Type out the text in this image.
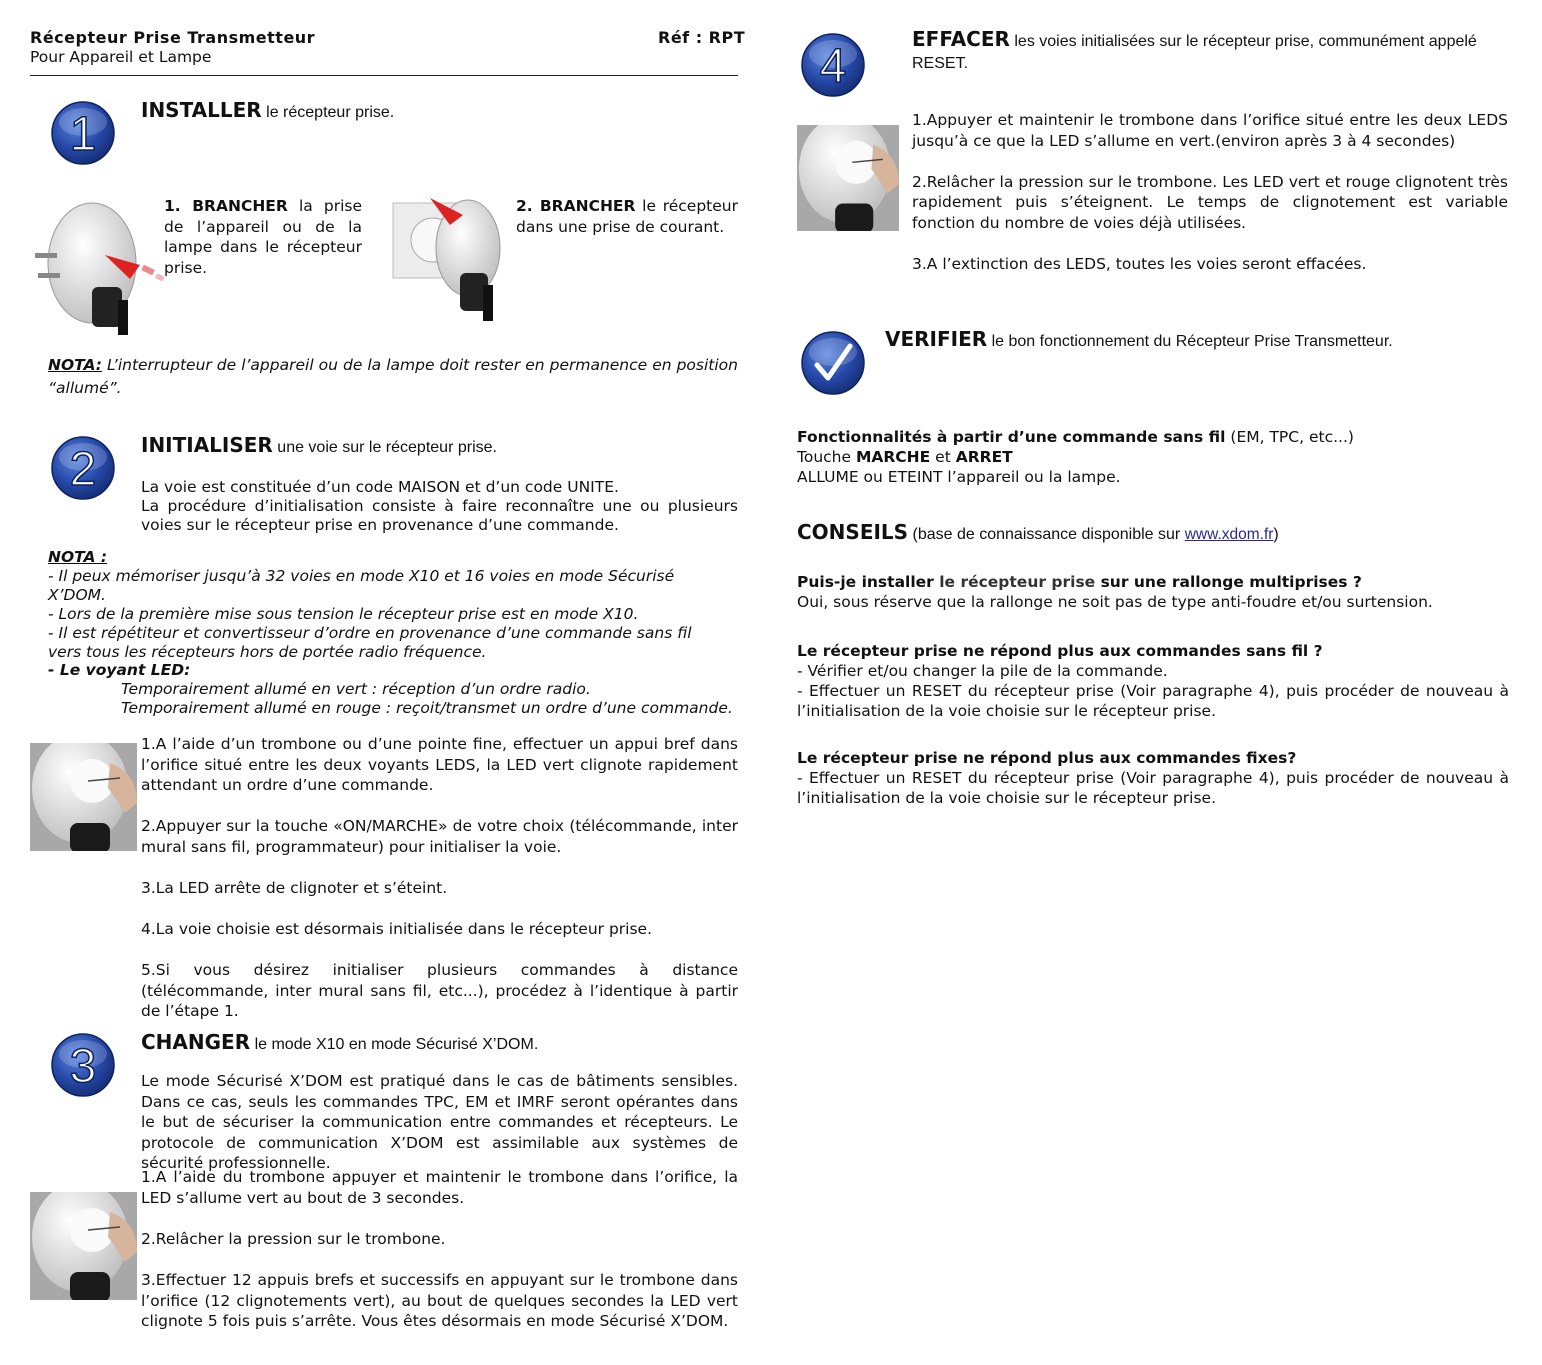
Récepteur Prise Transmetteur
Pour Appareil et Lampe
Réf : RPT
1 INSTALLER le récepteur prise.
1. BRANCHER la prise de l’appareil ou de la lampe dans le récepteur prise.
2. BRANCHER le récepteur dans une prise de courant.
NOTA: L’interrupteur de l’appareil ou de la lampe doit rester en permanence en position “allumé”.
2 INITIALISER une voie sur le récepteur prise.
La voie est constituée d’un code MAISON et d’un code UNITE.
La procédure d’initialisation consiste à faire reconnaître une ou plusieurs voies sur le récepteur prise en provenance d’une commande.
NOTA :
- Il peux mémoriser jusqu’à 32 voies en mode X10 et 16 voies en mode Sécurisé X’DOM.
- Lors de la première mise sous tension le récepteur prise est en mode X10.
- Il est répétiteur et convertisseur d’ordre en provenance d’une commande sans fil vers tous les récepteurs hors de portée radio fréquence.
- Le voyant LED:
Temporairement allumé en vert : réception d’un ordre radio.
Temporairement allumé en rouge : reçoit/transmet un ordre d’une commande.
1.A l’aide d’un trombone ou d’une pointe fine, effectuer un appui bref dans l’orifice situé entre les deux voyants LEDS, la LED vert clignote rapidement attendant un ordre d’une commande.
2.Appuyer sur la touche «ON/MARCHE» de votre choix (télécommande, inter mural sans fil, programmateur) pour initialiser la voie.
3.La LED arrête de clignoter et s’éteint.
4.La voie choisie est désormais initialisée dans le récepteur prise.
5.Si vous désirez initialiser plusieurs commandes à distance (télécommande, inter mural sans fil, etc...), procédez à l’identique à partir de l’étape 1.
3 CHANGER le mode X10 en mode Sécurisé X’DOM.
Le mode Sécurisé X’DOM est pratiqué dans le cas de bâtiments sensibles. Dans ce cas, seuls les commandes TPC, EM et IMRF seront opérantes dans le but de sécuriser la communication entre commandes et récepteurs. Le protocole de communication X’DOM est assimilable aux systèmes de sécurité professionnelle.
1.A l’aide du trombone appuyer et maintenir le trombone dans l’orifice, la LED s’allume vert au bout de 3 secondes.
2.Relâcher la pression sur le trombone.
3.Effectuer 12 appuis brefs et successifs en appuyant sur le trombone dans l’orifice (12 clignotements vert), au bout de quelques secondes la LED vert clignote 5 fois puis s’arrête. Vous êtes désormais en mode Sécurisé X’DOM.
4
EFFACER les voies initialisées sur le récepteur prise, communément appelé RESET.
1.Appuyer et maintenir le trombone dans l’orifice situé entre les deux LEDS jusqu’à ce que la LED s’allume en vert.(environ après 3 à 4 secondes)
2.Relâcher la pression sur le trombone. Les LED vert et rouge clignotent très rapidement puis s’éteignent. Le temps de clignotement est variable fonction du nombre de voies déjà utilisées.
3.A l’extinction des LEDS, toutes les voies seront effacées.
VERIFIER le bon fonctionnement du Récepteur Prise Transmetteur.
Fonctionnalités à partir d’une commande sans fil (EM, TPC, etc...)
Touche MARCHE et ARRET
ALLUME ou ETEINT l’appareil ou la lampe.
CONSEILS (base de connaissance disponible sur www.xdom.fr)
Puis-je installer le récepteur prise sur une rallonge multiprises ?
Oui, sous réserve que la rallonge ne soit pas de type anti-foudre et/ou surtension.
Le récepteur prise ne répond plus aux commandes sans fil ?
- Vérifier et/ou changer la pile de la commande.
- Effectuer un RESET du récepteur prise (Voir paragraphe 4), puis procéder de nouveau à l’initialisation de la voie choisie sur le récepteur prise.
Le récepteur prise ne répond plus aux commandes fixes?
- Effectuer un RESET du récepteur prise (Voir paragraphe 4), puis procéder de nouveau à l’initialisation de la voie choisie sur le récepteur prise.
